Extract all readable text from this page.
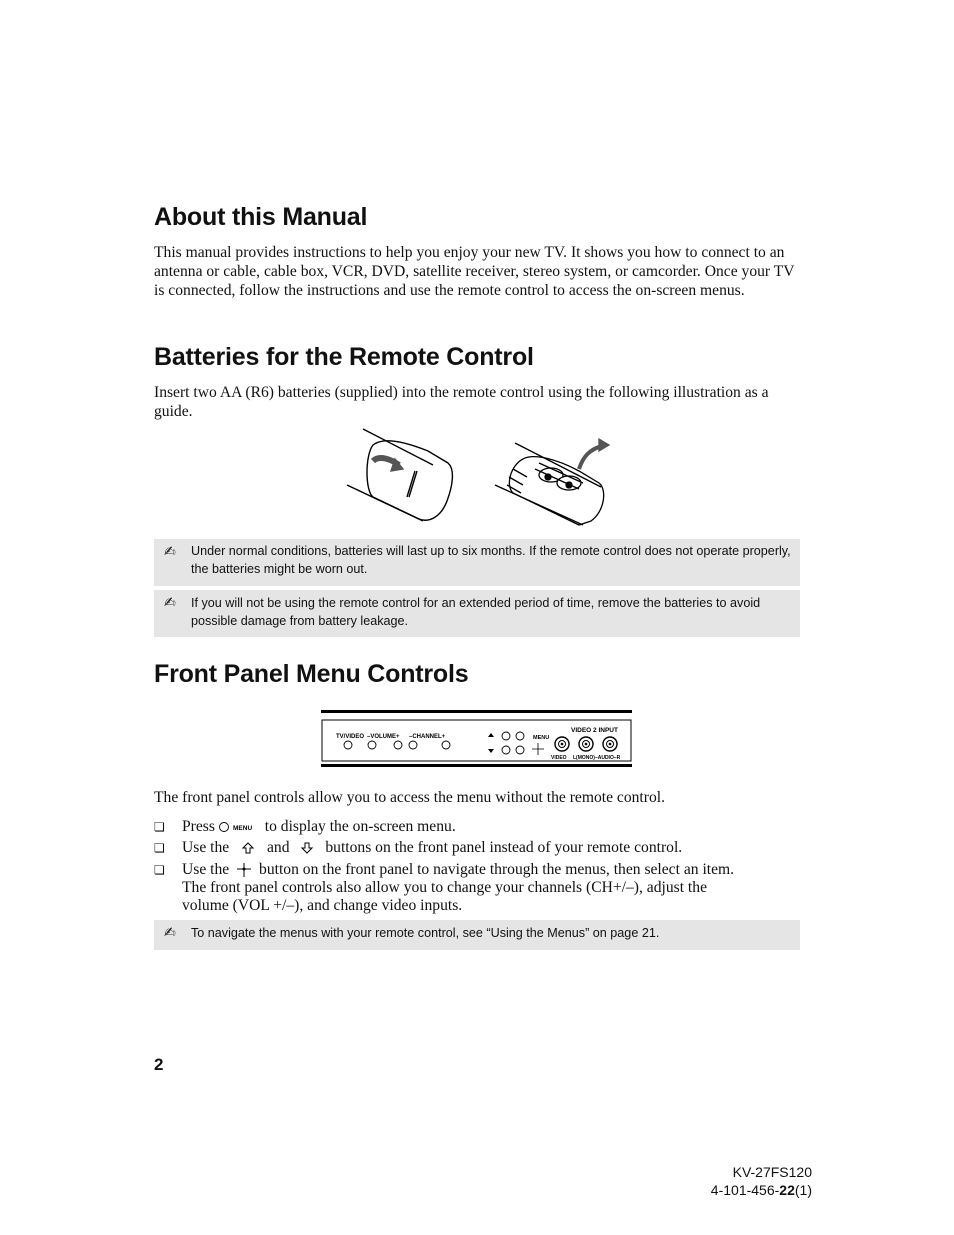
About this Manual

This manual provides instructions to help you enjoy your new TV. It shows you how to connect to an antenna or cable, cable box, VCR, DVD, satellite receiver, stereo system, or camcorder. Once your TV is connected, follow the instructions and use the remote control to access the on-screen menus.

Batteries for the Remote Control

Insert two AA (R6) batteries (supplied) into the remote control using the following illustration as a guide.

✍ Under normal conditions, batteries will last up to six months. If the remote control does not operate properly, the batteries might be worn out.
✍ If you will not be using the remote control for an extended period of time, remove the batteries to avoid possible damage from battery leakage.
Front Panel Menu Controls
TV/VIDEO –VOLUME+ –CHANNEL+	MENU
VIDEO 2 INPUT
VIDEO L(MONO)–AUDIO–R

The front panel controls allow you to access the menu without the remote control.

❏ Press	MENU to display the on-screen menu.
❏ Use the and buttons on the front panel instead of your remote control.
❏ Use the button on the front panel to navigate through the menus, then select an item.
The front panel controls also allow you to change your channels (CH+/–), adjust the
volume (VOL +/–), and change video inputs.
✍ To navigate the menus with your remote control, see “Using the Menus” on page 21.
2
KV-27FS120
4-101-456-22(1)
